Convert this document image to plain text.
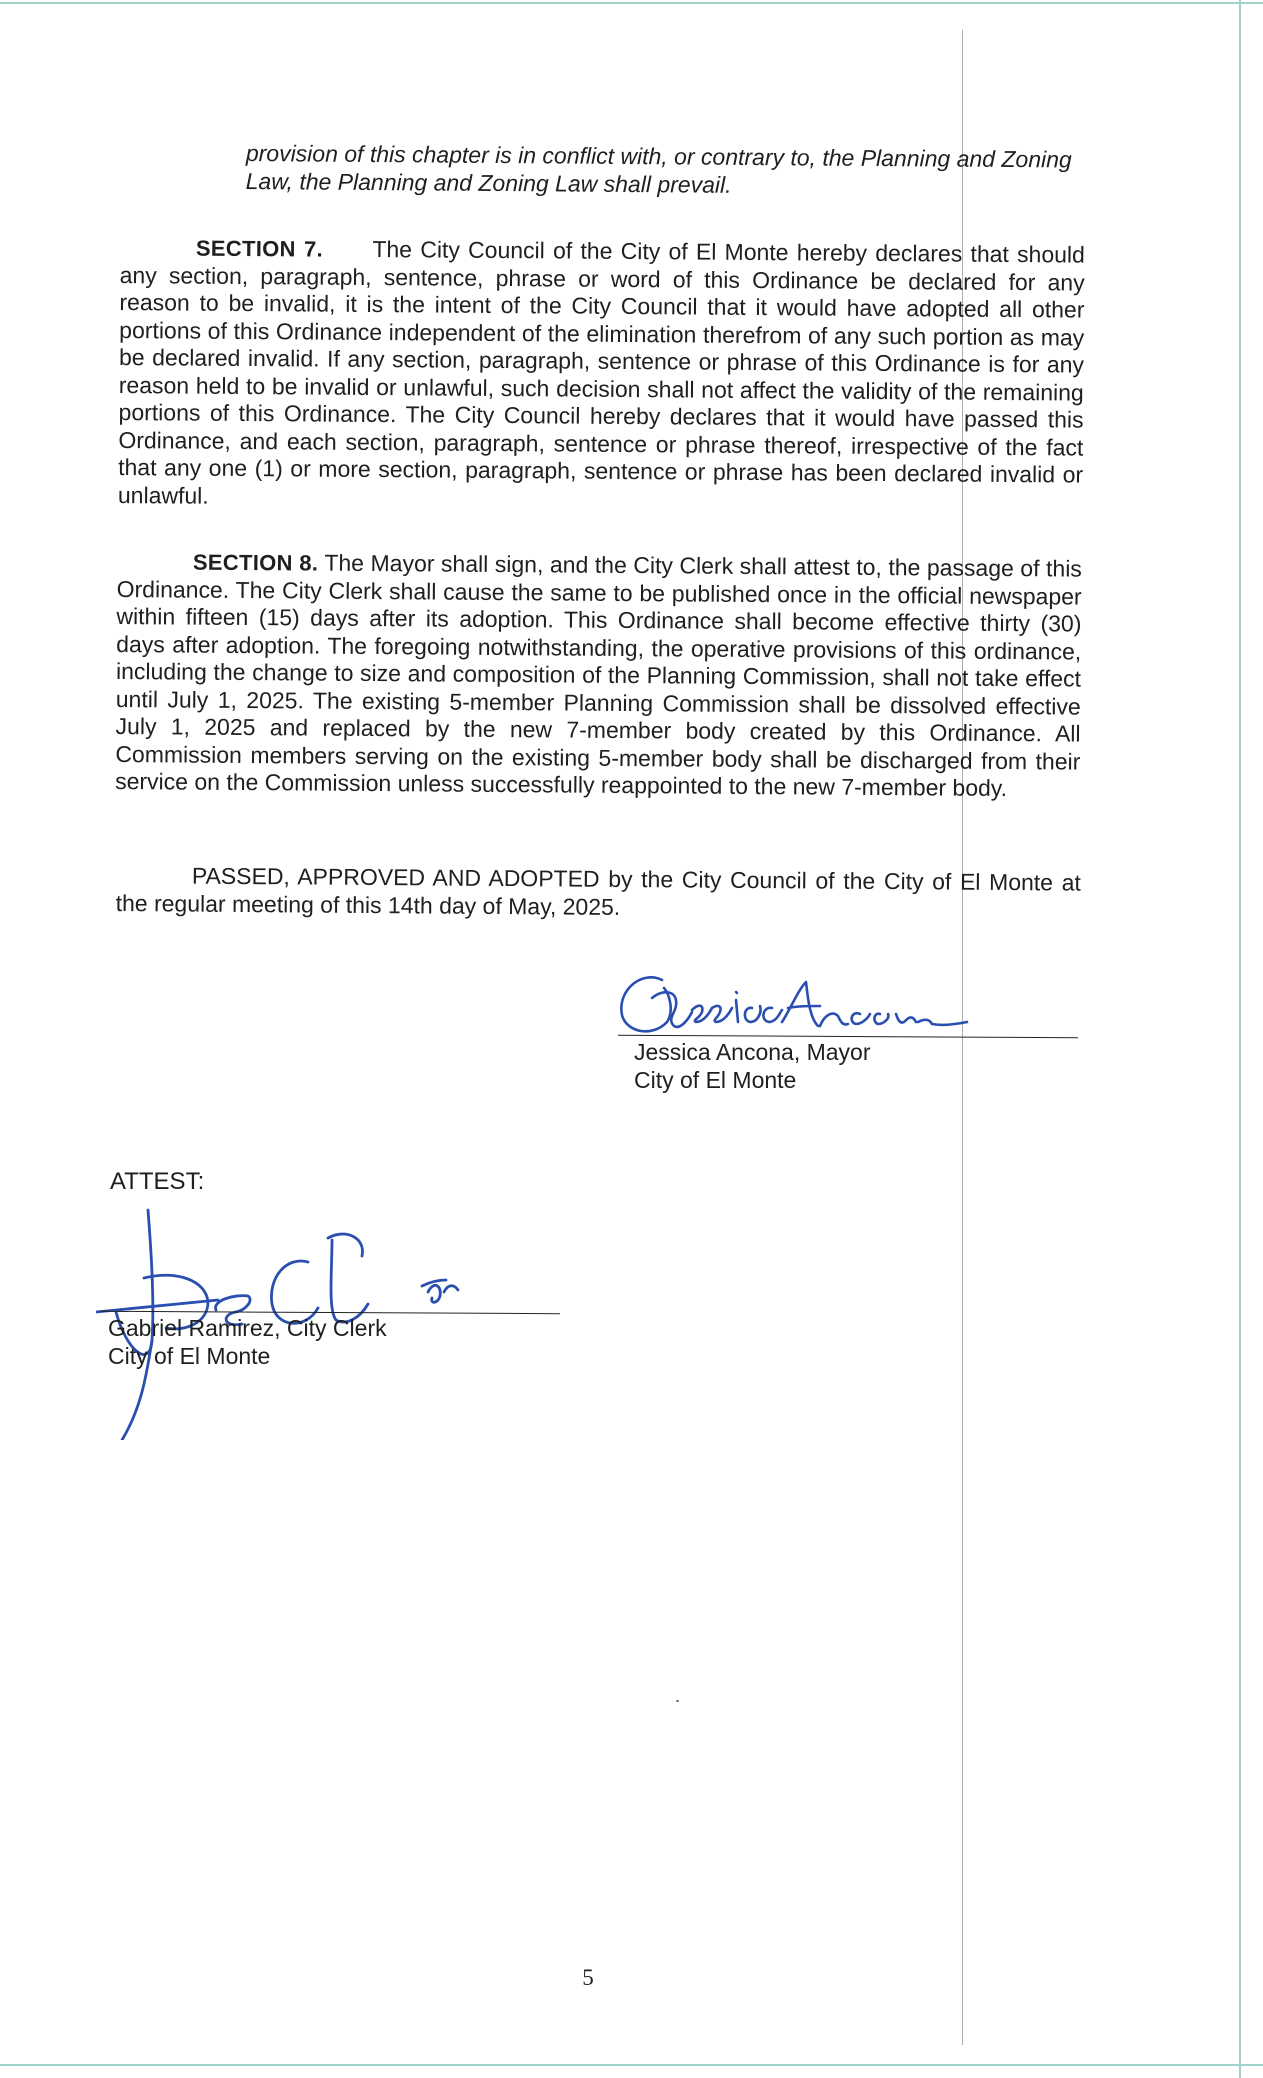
provision of this chapter is in conflict with, or contrary to, the Planning and Zoning Law, the Planning and Zoning Law shall prevail.

SECTION 7. The City Council of the City of El Monte hereby declares that should any section, paragraph, sentence, phrase or word of this Ordinance be declared for any reason to be invalid, it is the intent of the City Council that it would have adopted all other portions of this Ordinance independent of the elimination therefrom of any such portion as may be declared invalid. If any section, paragraph, sentence or phrase of this Ordinance is for any reason held to be invalid or unlawful, such decision shall not affect the validity of the remaining portions of this Ordinance. The City Council hereby declares that it would have passed this Ordinance, and each section, paragraph, sentence or phrase thereof, irrespective of the fact that any one (1) or more section, paragraph, sentence or phrase has been declared invalid or unlawful.

SECTION 8. The Mayor shall sign, and the City Clerk shall attest to, the passage of this Ordinance. The City Clerk shall cause the same to be published once in the official newspaper within fifteen (15) days after its adoption. This Ordinance shall become effective thirty (30) days after adoption. The foregoing notwithstanding, the operative provisions of this ordinance, including the change to size and composition of the Planning Commission, shall not take effect until July 1, 2025. The existing 5-member Planning Commission shall be dissolved effective July 1, 2025 and replaced by the new 7-member body created by this Ordinance. All Commission members serving on the existing 5-member body shall be discharged from their service on the Commission unless successfully reappointed to the new 7-member body.

PASSED, APPROVED AND ADOPTED by the City Council of the City of El Monte at the regular meeting of this 14th day of May, 2025.

Jessica Ancona, Mayor
City of El Monte
ATTEST:
Gabriel Ramirez, City Clerk
City of El Monte
5
